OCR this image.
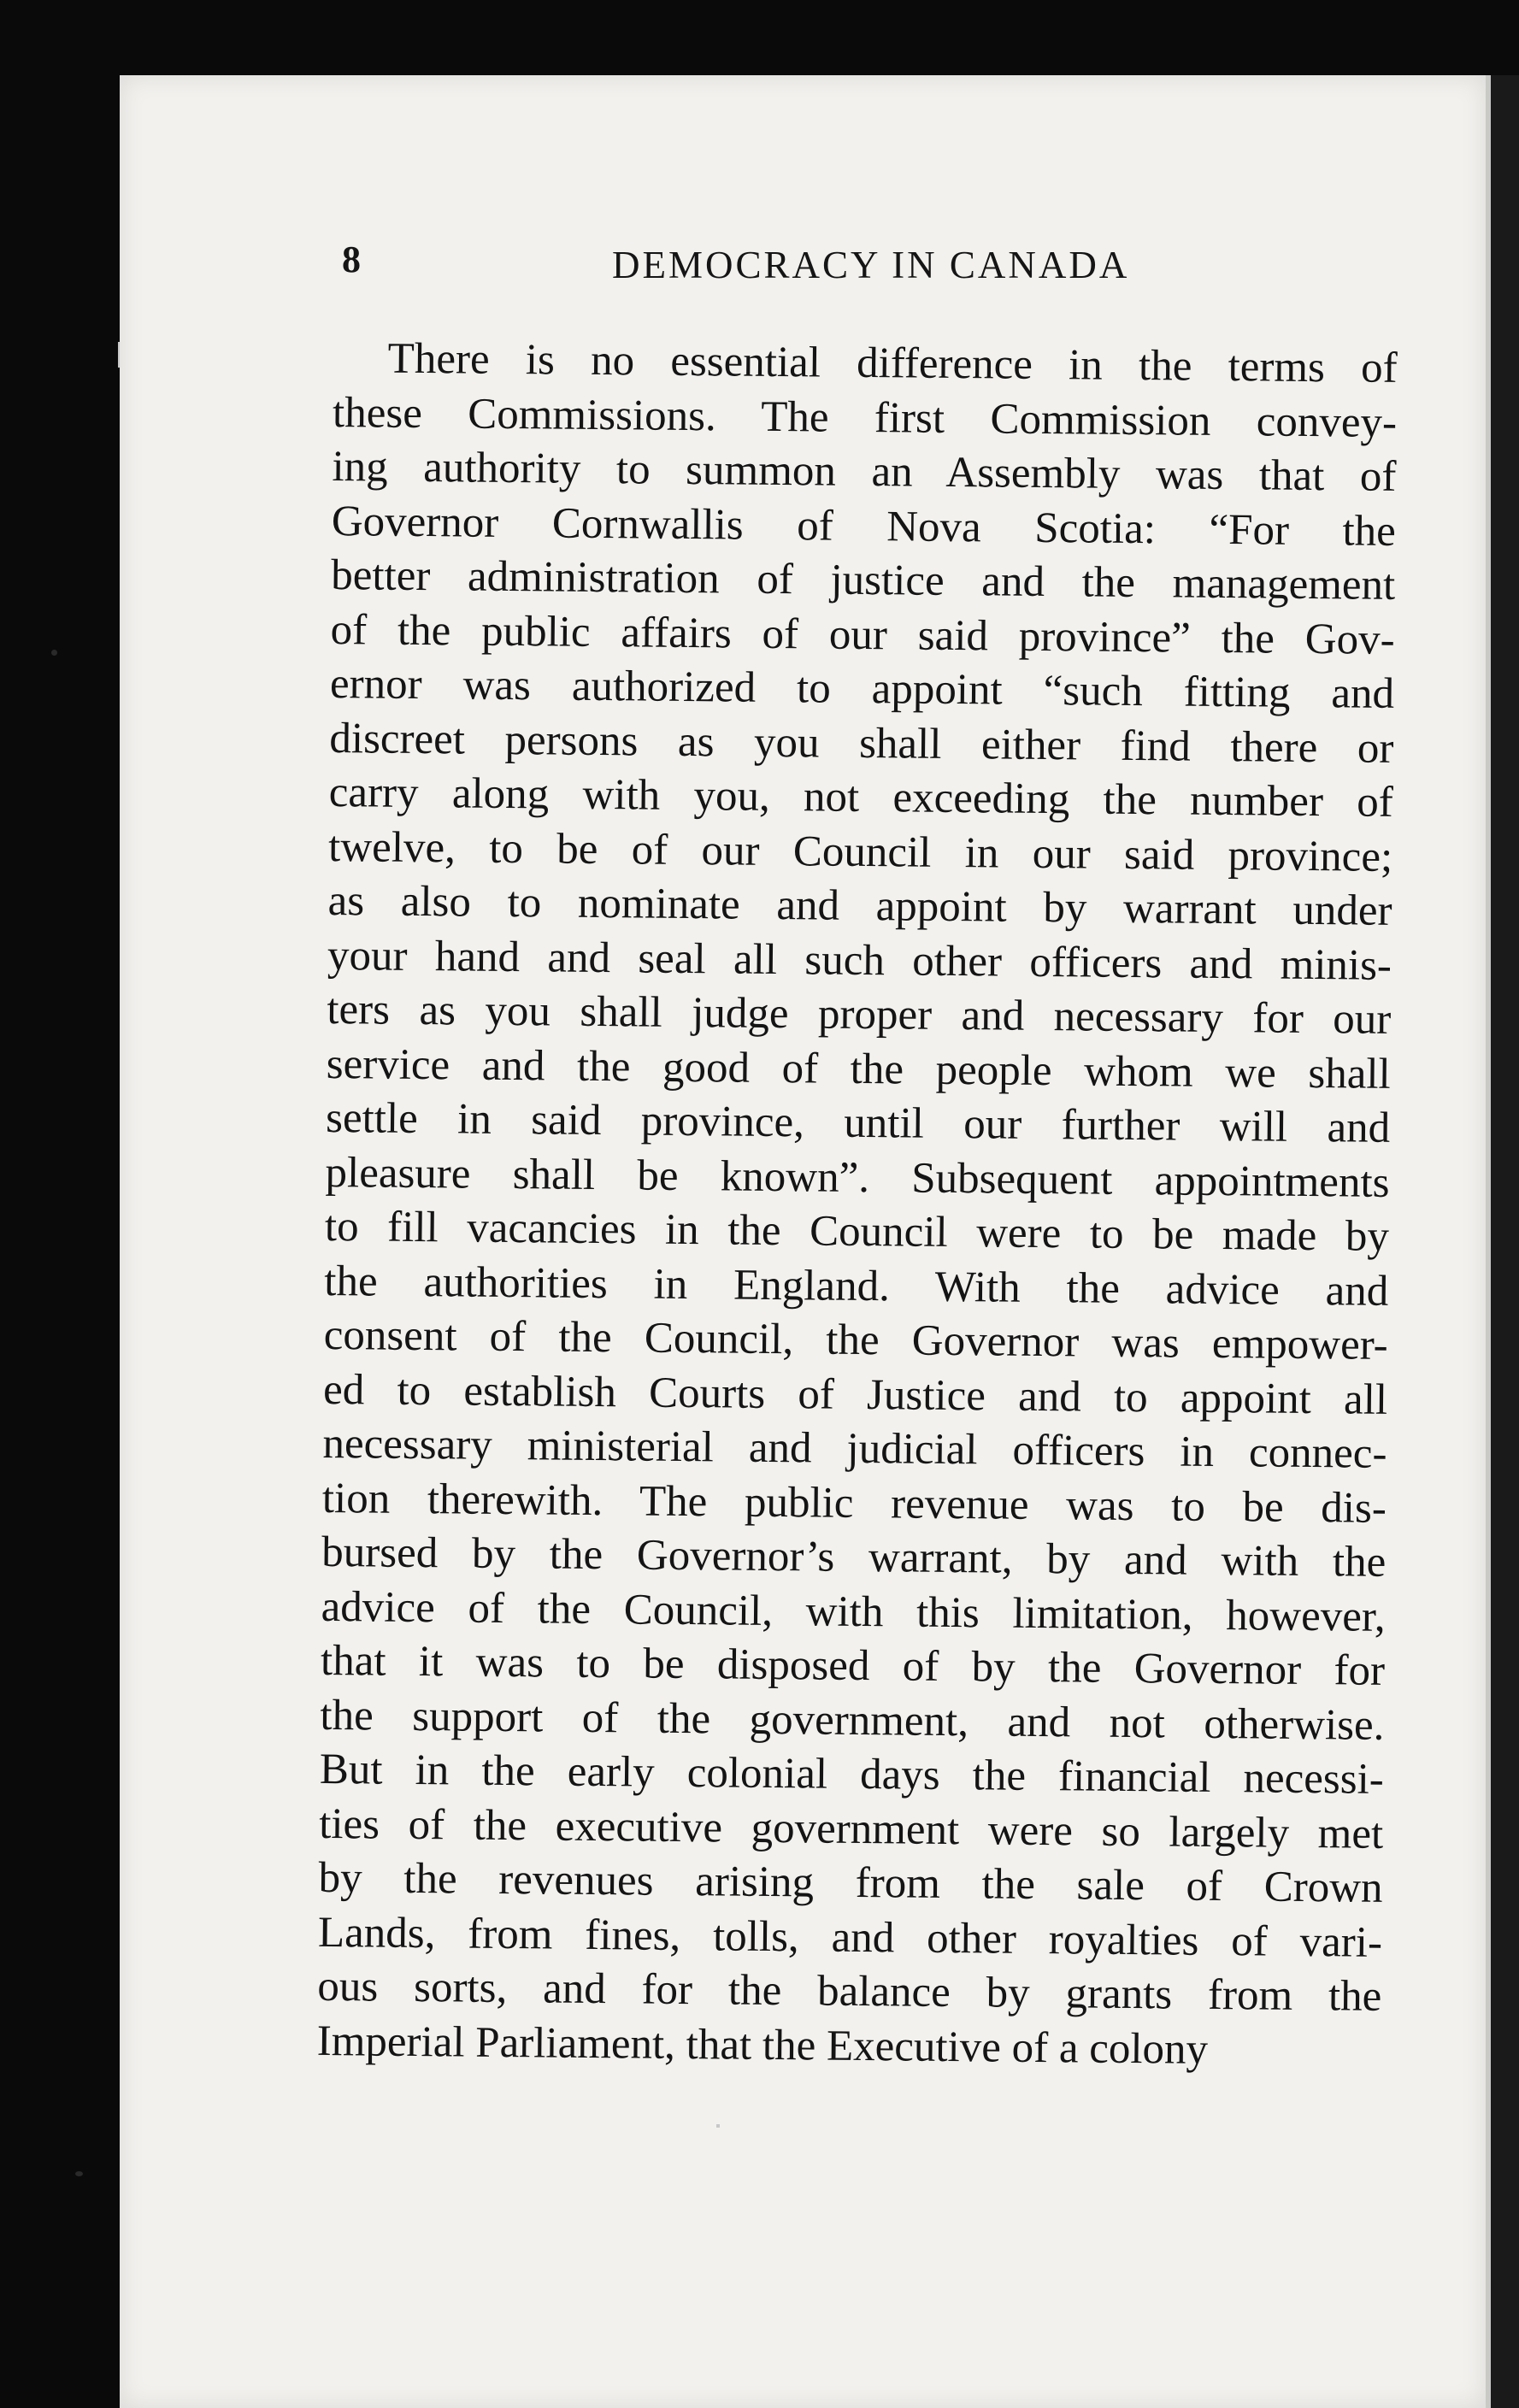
8	DEMOCRACY IN CANADA
There is no essential difference in the terms of
these Commissions. The first Commission convey-
ing authority to summon an Assembly was that of
Governor Cornwallis of Nova Scotia: “For the
better administration of justice and the management
of the public affairs of our said province” the Gov-
ernor was authorized to appoint “such fitting and
discreet persons as you shall either find there or
carry along with you, not exceeding the number of
twelve, to be of our Council in our said province;
as also to nominate and appoint by warrant under
your hand and seal all such other officers and minis-
ters as you shall judge proper and necessary for our
service and the good of the people whom we shall
settle in said province, until our further will and
pleasure shall be known”. Subsequent appointments
to fill vacancies in the Council were to be made by
the authorities in England. With the advice and
consent of the Council, the Governor was empower-
ed to establish Courts of Justice and to appoint all
necessary ministerial and judicial officers in connec-
tion therewith. The public revenue was to be dis-
bursed by the Governor’s warrant, by and with the
advice of the Council, with this limitation, however,
that it was to be disposed of by the Governor for
the support of the government, and not otherwise.
But in the early colonial days the financial necessi-
ties of the executive government were so largely met
by the revenues arising from the sale of Crown
Lands, from fines, tolls, and other royalties of vari-
ous sorts, and for the balance by grants from the
Imperial Parliament, that the Executive of a colony
